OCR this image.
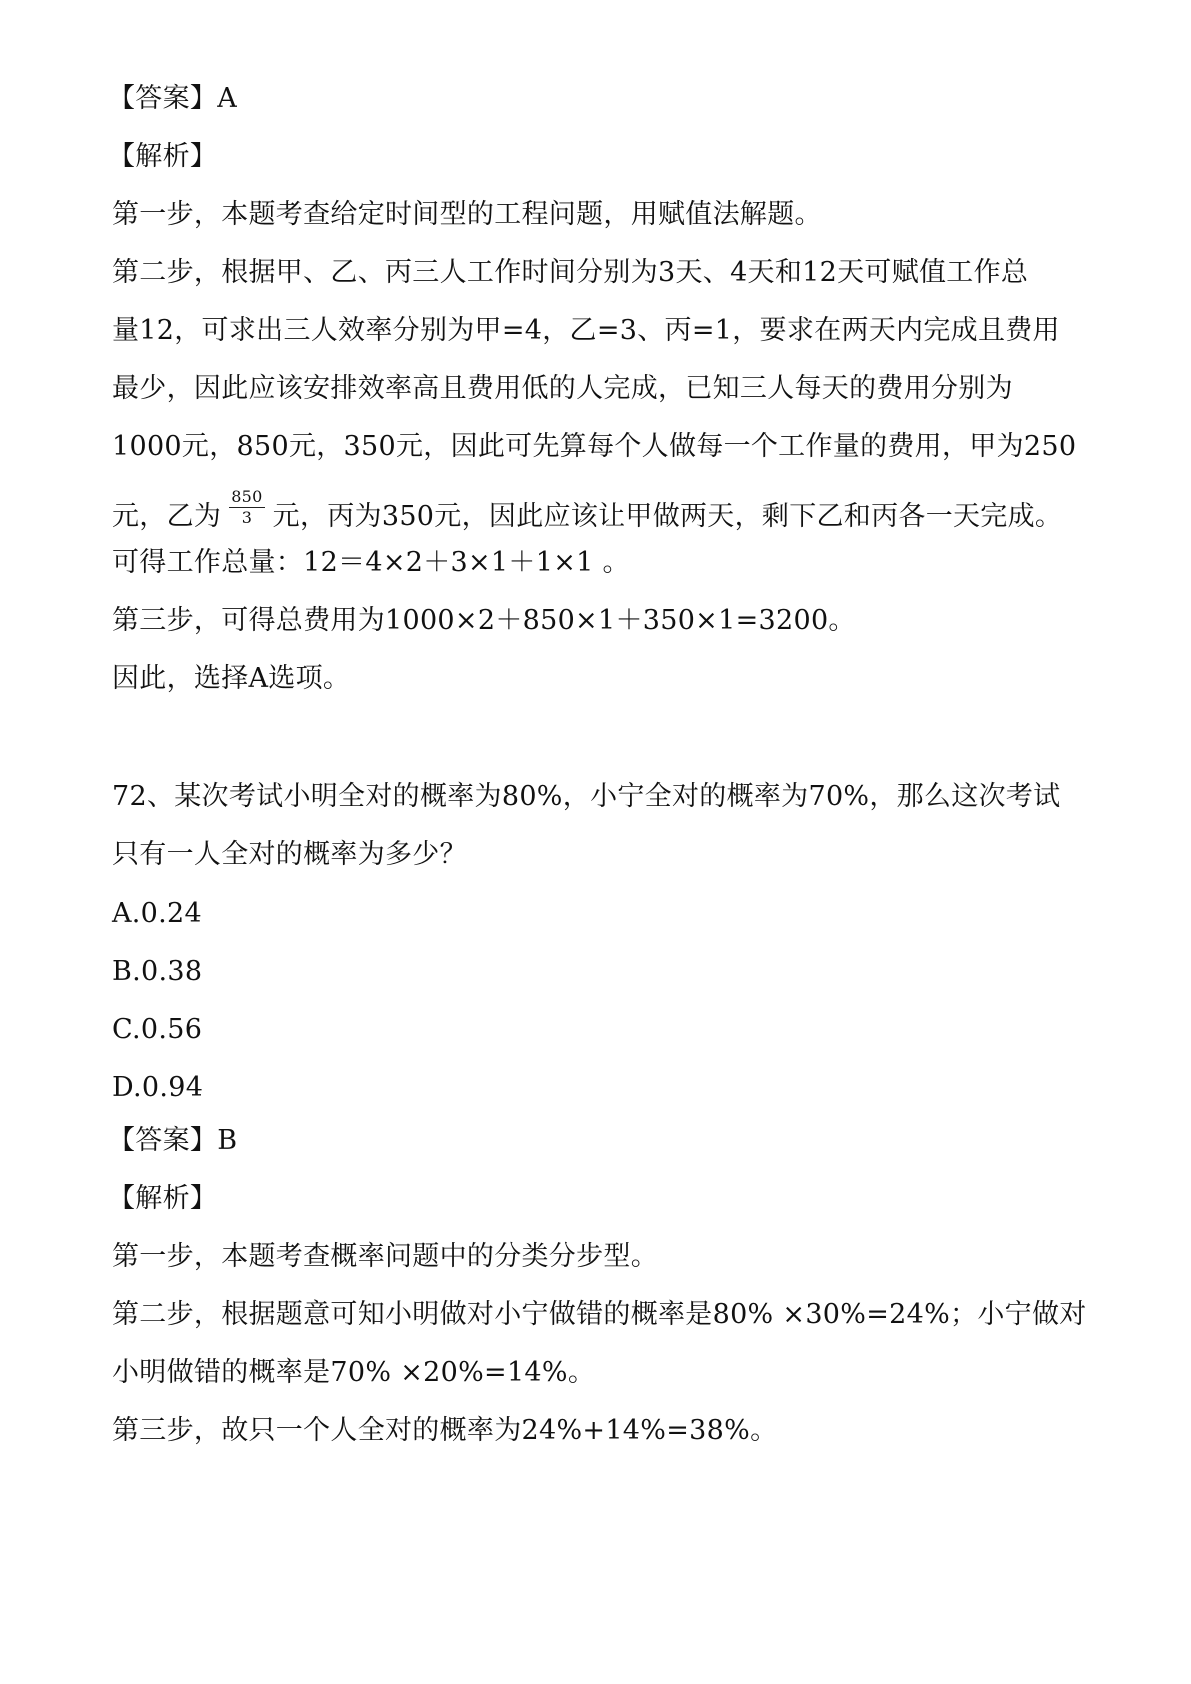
【答案】A
【解析】
第一步，本题考查给定时间型的工程问题，用赋值法解题。
第二步，根据甲、乙、丙三人工作时间分别为3天、4天和12天可赋值工作总
量12，可求出三人效率分别为甲=4，乙=3、丙=1，要求在两天内完成且费用
最少，因此应该安排效率高且费用低的人完成，已知三人每天的费用分别为
1000元，850元，350元，因此可先算每个人做每一个工作量的费用，甲为250
元，乙为 $\frac{850}{3}$ 元，丙为350元，因此应该让甲做两天，剩下乙和丙各一天完成。
可得工作总量：12＝4×2＋3×1＋1×1 。
第三步，可得总费用为1000×2＋850×1＋350×1=3200。
因此，选择A选项。
72、某次考试小明全对的概率为80%，小宁全对的概率为70%，那么这次考试
只有一人全对的概率为多少？
A.0.24
B.0.38
C.0.56
D.0.94
【答案】B
【解析】
第一步，本题考查概率问题中的分类分步型。
第二步，根据题意可知小明做对小宁做错的概率是80% ×30%=24%；小宁做对
小明做错的概率是70% ×20%=14%。
第三步，故只一个人全对的概率为24%+14%=38%。
